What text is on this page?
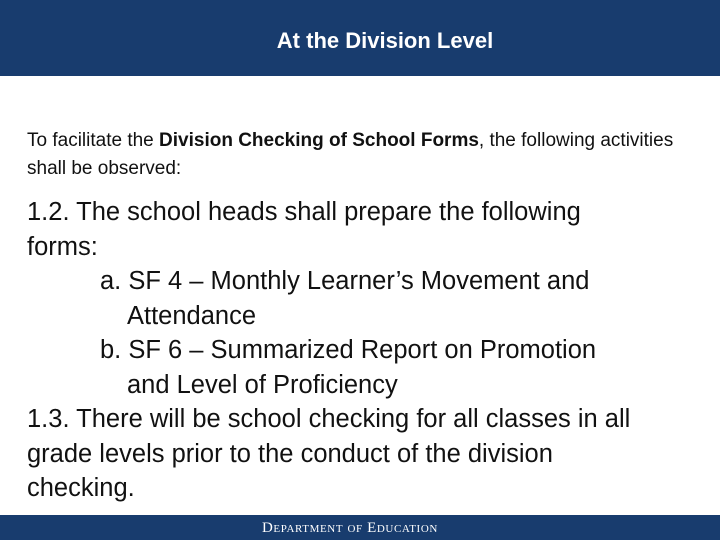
At the Division Level
To facilitate the Division Checking of School Forms, the following activities shall be observed:
1.2. The school heads shall prepare the following
forms:
a. SF 4 – Monthly Learner’s Movement and
Attendance
b. SF 6 – Summarized Report on Promotion
and Level of Proficiency
1.3. There will be school checking for all classes in all
grade levels prior to the conduct of the division
checking.
Department of Education
